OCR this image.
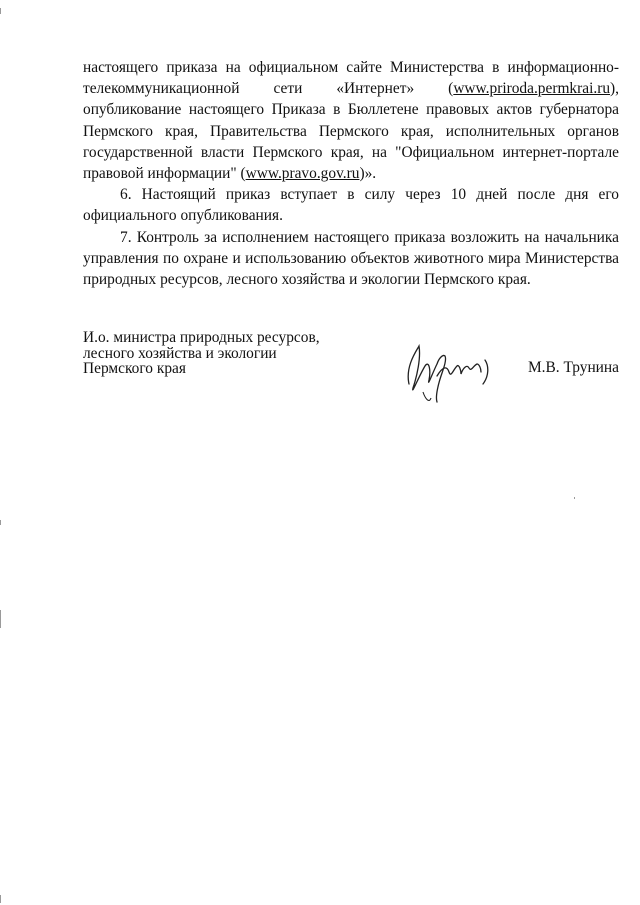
настоящего приказа на официальном сайте Министерства в информационно-телекоммуникационной сети «Интернет» (www.priroda.permkrai.ru), опубликование настоящего Приказа в Бюллетене правовых актов губернатора Пермского края, Правительства Пермского края, исполнительных органов государственной власти Пермского края, на "Официальном интернет-портале правовой информации" (www.pravo.gov.ru)».

6. Настоящий приказ вступает в силу через 10 дней после дня его официального опубликования.

7. Контроль за исполнением настоящего приказа возложить на начальника управления по охране и использованию объектов животного мира Министерства природных ресурсов, лесного хозяйства и экологии Пермского края.

И.о. министра природных ресурсов,
лесного хозяйства и экологии
Пермского края	М.В. Трунина
